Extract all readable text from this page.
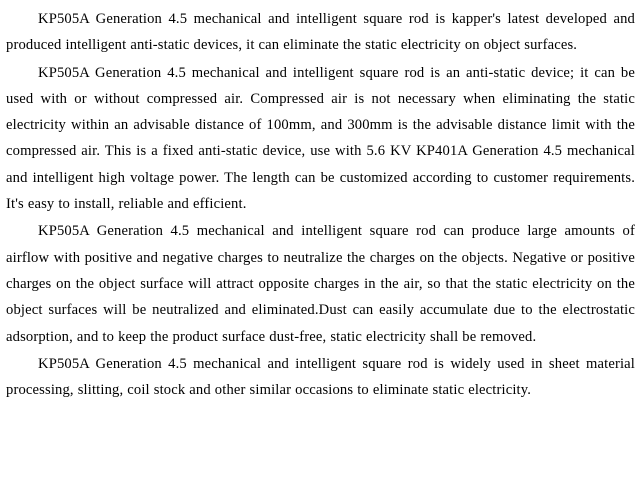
KP505A Generation 4.5 mechanical and intelligent square rod is kapper's latest developed and produced intelligent anti-static devices, it can eliminate the static electricity on object surfaces.

KP505A Generation 4.5 mechanical and intelligent square rod is an anti-static device; it can be used with or without compressed air. Compressed air is not necessary when eliminating the static electricity within an advisable distance of 100mm, and 300mm is the advisable distance limit with the compressed air. This is a fixed anti-static device, use with 5.6 KV KP401A Generation 4.5 mechanical and intelligent high voltage power. The length can be customized according to customer requirements. It's easy to install, reliable and efficient.

KP505A Generation 4.5 mechanical and intelligent square rod can produce large amounts of airflow with positive and negative charges to neutralize the charges on the objects. Negative or positive charges on the object surface will attract opposite charges in the air, so that the static electricity on the object surfaces will be neutralized and eliminated.Dust can easily accumulate due to the electrostatic adsorption, and to keep the product surface dust-free, static electricity shall be removed.

KP505A Generation 4.5 mechanical and intelligent square rod is widely used in sheet material processing, slitting, coil stock and other similar occasions to eliminate static electricity.
